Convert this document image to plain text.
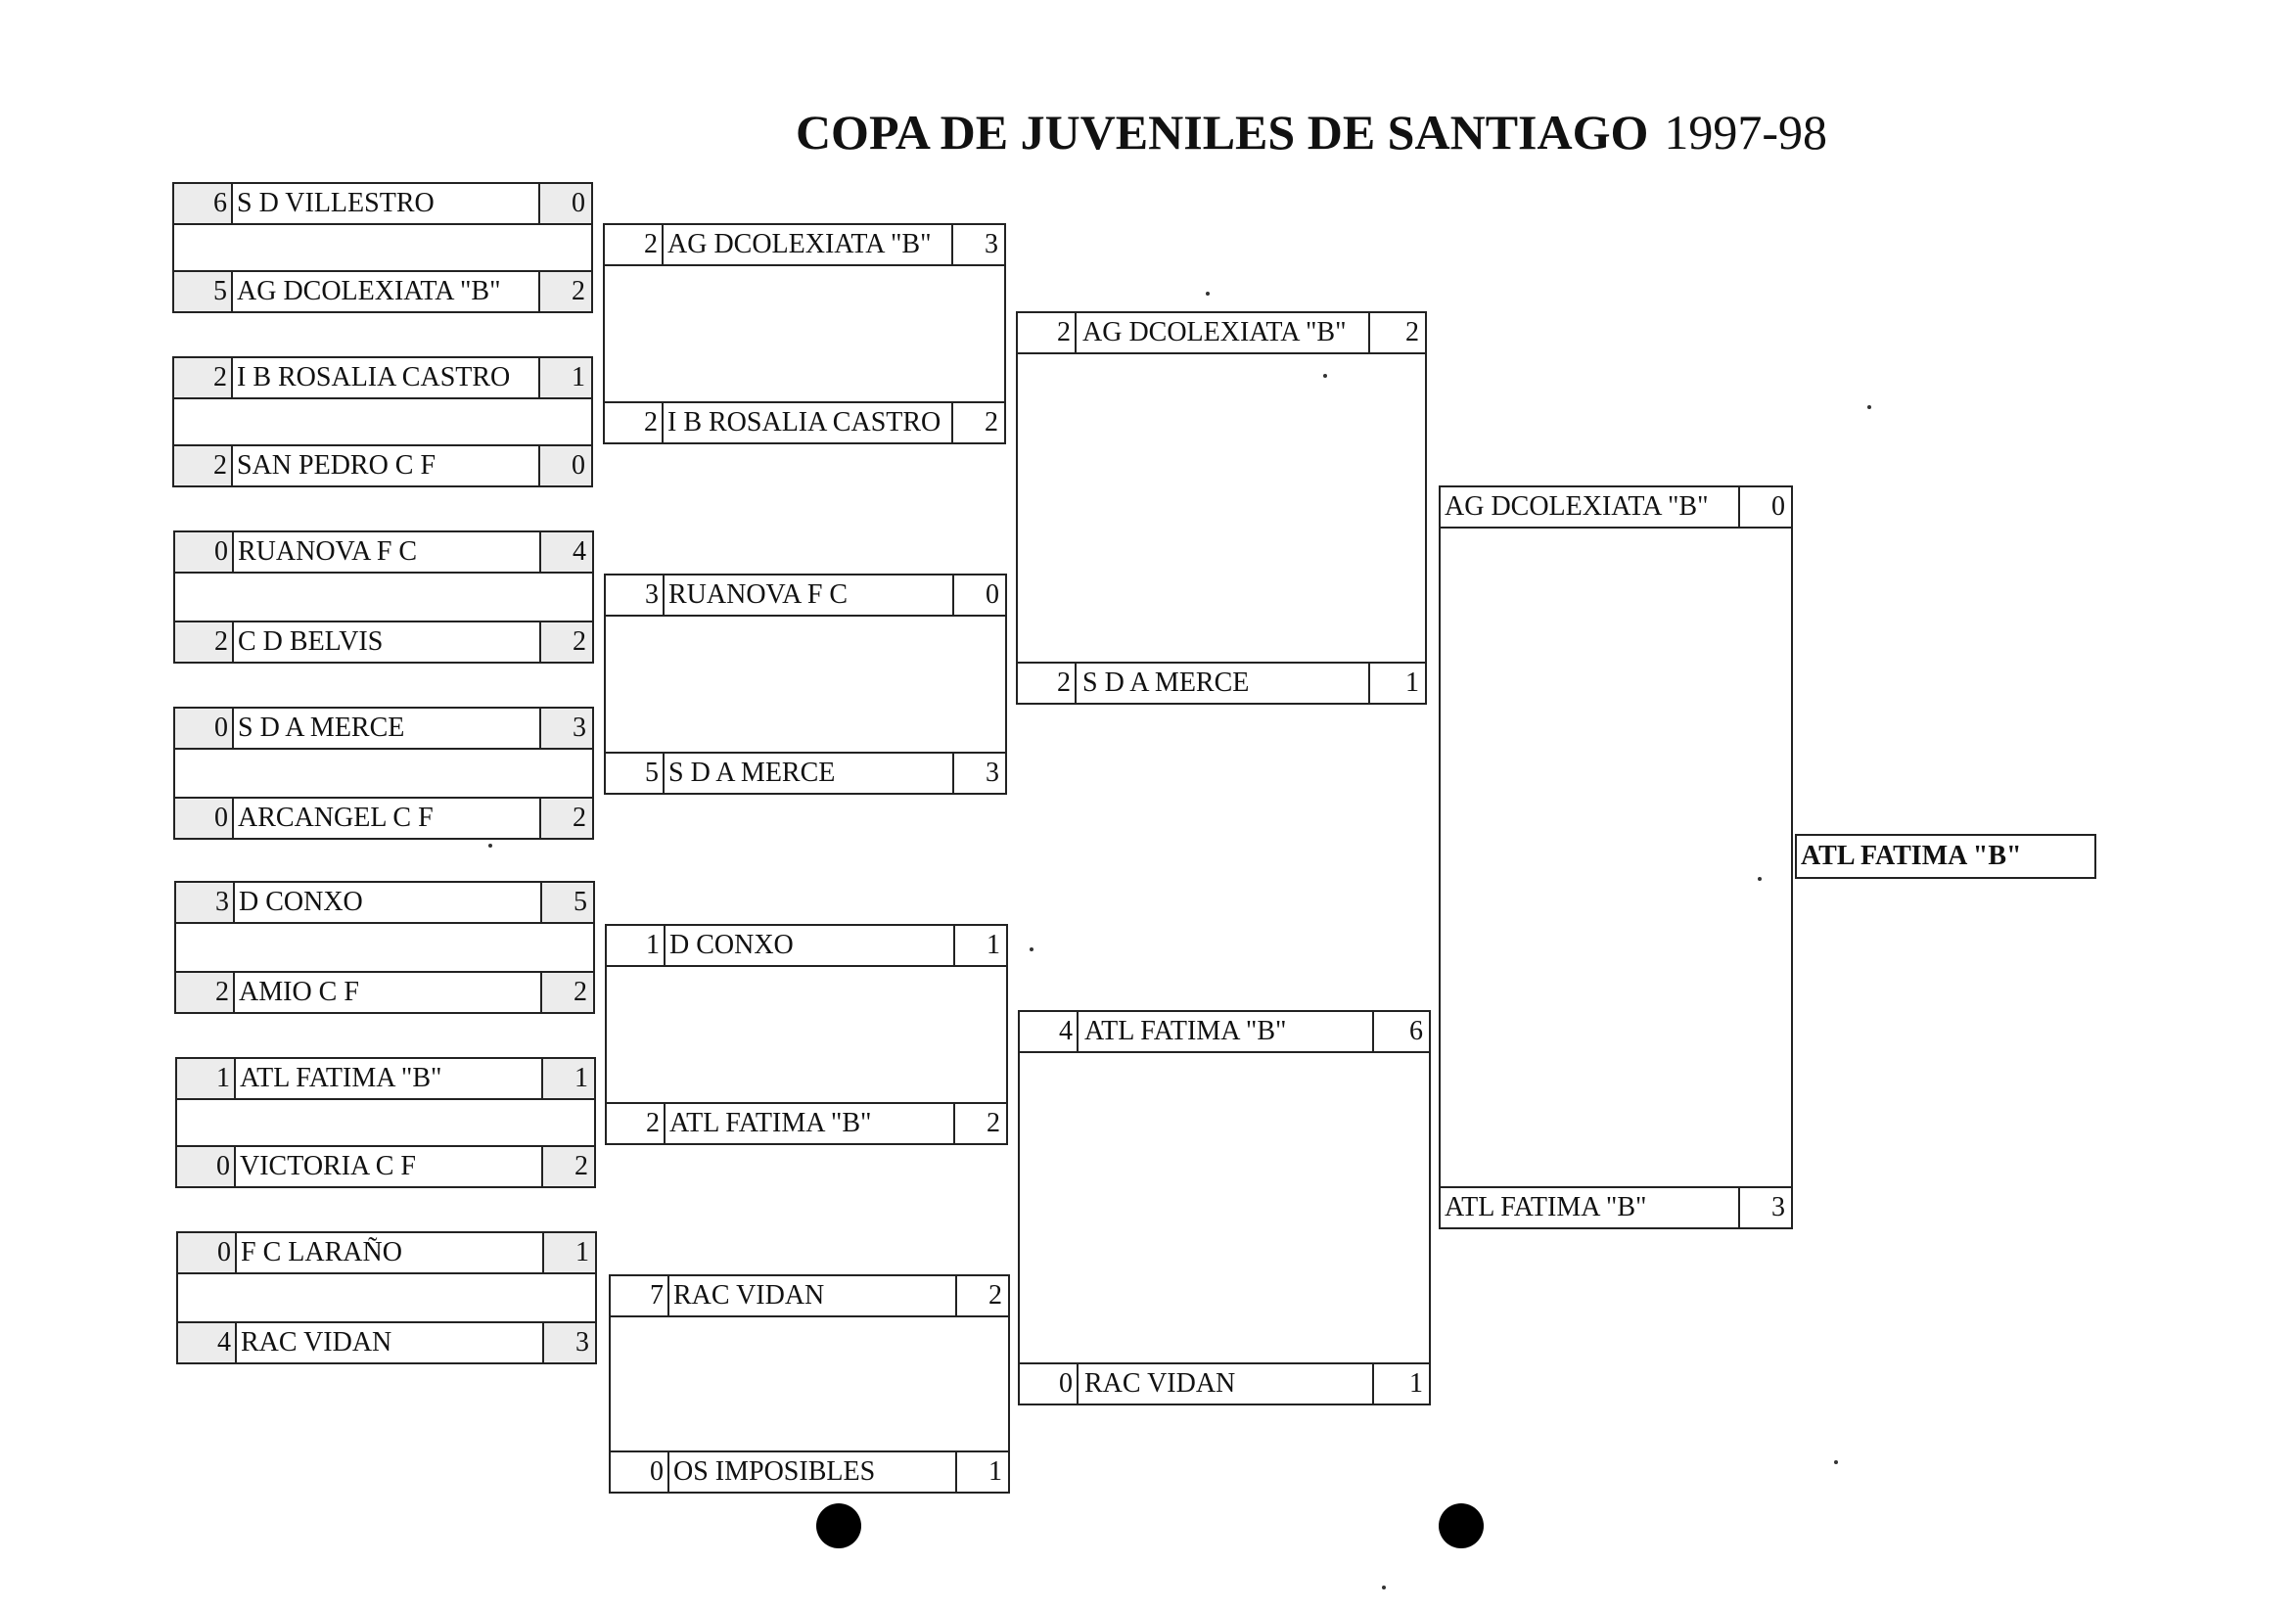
COPA DE JUVENILES DE SANTIAGO 1997-98
6 S D VILLESTRO	0
5 AG DCOLEXIATA "B"	2
2 I B ROSALIA CASTRO	1
2 SAN PEDRO C F	0
0 RUANOVA F C	4
2 C D BELVIS	2
0 S D A MERCE	3
0 ARCANGEL C F	2
3 D CONXO	5
2 AMIO C F	2
1 ATL FATIMA "B"	1
0 VICTORIA C F	2
0 F C LARAÑO	1
4 RAC VIDAN	3
2 AG DCOLEXIATA "B"	3
2 I B ROSALIA CASTRO	2
3 RUANOVA F C	0
5 S D A MERCE	3
1 D CONXO	1
2 ATL FATIMA "B"	2
7 RAC VIDAN	2
0 OS IMPOSIBLES	1
2 AG DCOLEXIATA "B"	2
2 S D A MERCE	1
4 ATL FATIMA "B"	6
0 RAC VIDAN	1
AG DCOLEXIATA "B"	0
ATL FATIMA "B"	3
ATL FATIMA "B"
